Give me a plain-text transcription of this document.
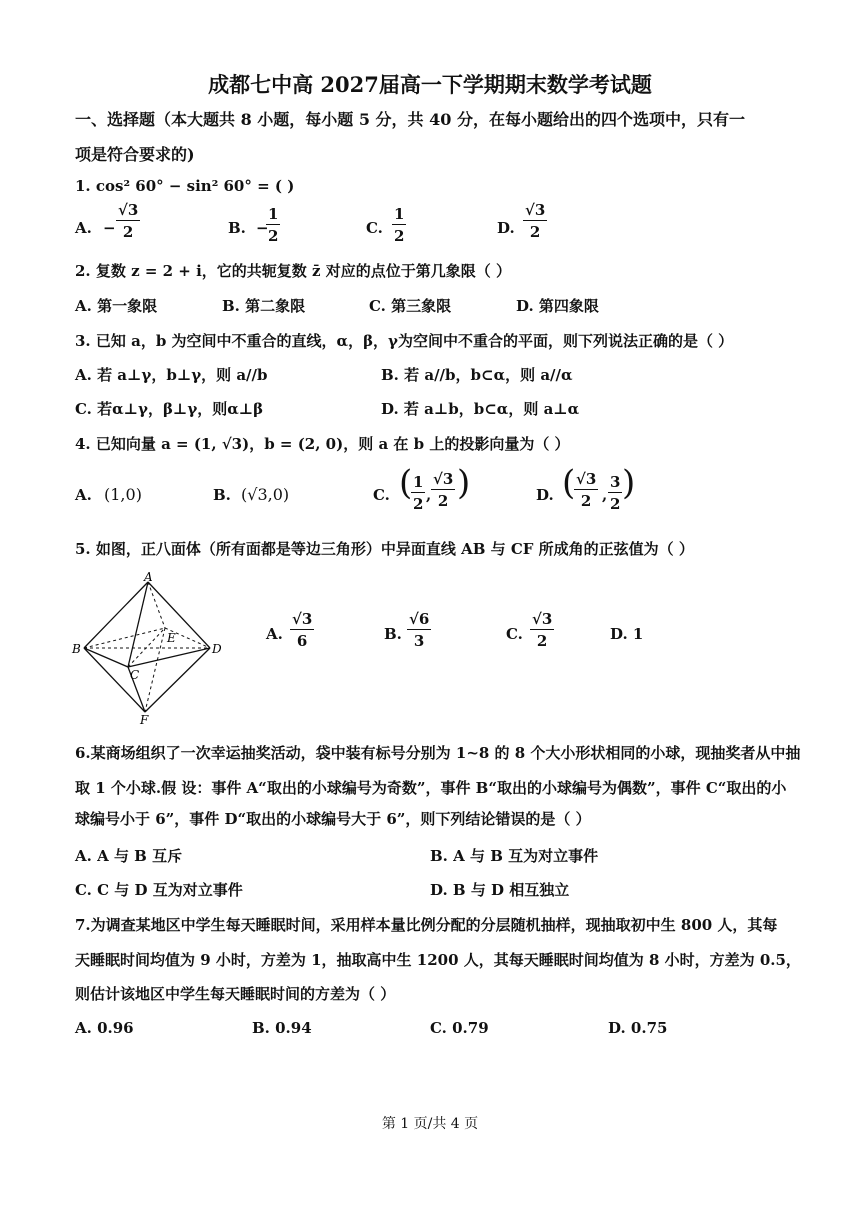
成都七中高 2027届高一下学期期末数学考试题
一、选择题（本大题共 8 小题，每小题 5 分，共 40 分，在每小题给出的四个选项中，只有一
项是符合要求的)
1. cos² 60° − sin² 60° = ( )
A. − $\frac{√3}{2}$	B. −
$\frac{1}{2}$	C. $\frac{1}{2}$	D. $\frac{√3}{2}$
2. 复数 z = 2 + i，它的共轭复数 z̄ 对应的点位于第几象限（ ）
A. 第一象限	B. 第二象限	C. 第三象限	D. 第四象限
3. 已知 a，b 为空间中不重合的直线，α，β，γ为空间中不重合的平面，则下列说法正确的是（ ）
A. 若 a⊥γ，b⊥γ，则 a//b	B. 若 a//b，b⊂α，则 a//α
C. 若α⊥γ，β⊥γ，则α⊥β	D. 若 a⊥b，b⊂α，则 a⊥α
4. 已知向量 a = (1, √3)，b = (2, 0)，则 a 在 b 上的投影向量为（ ）
A. (1,0)	B. (√3,0)	C. (
$\frac{1}{2}$ , $\frac{√3}{2}$ )	D. (
$\frac{√3}{2}$ , $\frac{3}{2}$ )
5. 如图，正八面体（所有面都是等边三角形）中异面直线 AB 与 CF 所成角的正弦值为（ ）
A
B
C
D
E
F
A. $\frac{√3}{6}$	B. $\frac{√6}{3}$	C. $\frac{√3}{2}$	D. 1
6.某商场组织了一次幸运抽奖活动，袋中装有标号分别为 1~8 的 8 个大小形状相同的小球，现抽奖者从中抽
取 1 个小球.假 设：事件 A“取出的小球编号为奇数”，事件 B“取出的小球编号为偶数”，事件 C“取出的小
球编号小于 6”，事件 D“取出的小球编号大于 6”，则下列结论错误的是（ ）
A. A 与 B 互斥	B. A 与 B 互为对立事件
C. C 与 D 互为对立事件	D. B 与 D 相互独立
7.为调查某地区中学生每天睡眠时间，采用样本量比例分配的分层随机抽样，现抽取初中生 800 人，其每
天睡眠时间均值为 9 小时，方差为 1，抽取高中生 1200 人，其每天睡眠时间均值为 8 小时，方差为 0.5，
则估计该地区中学生每天睡眠时间的方差为（ ）
A. 0.96	B. 0.94	C. 0.79	D. 0.75
第 1 页/共 4 页
